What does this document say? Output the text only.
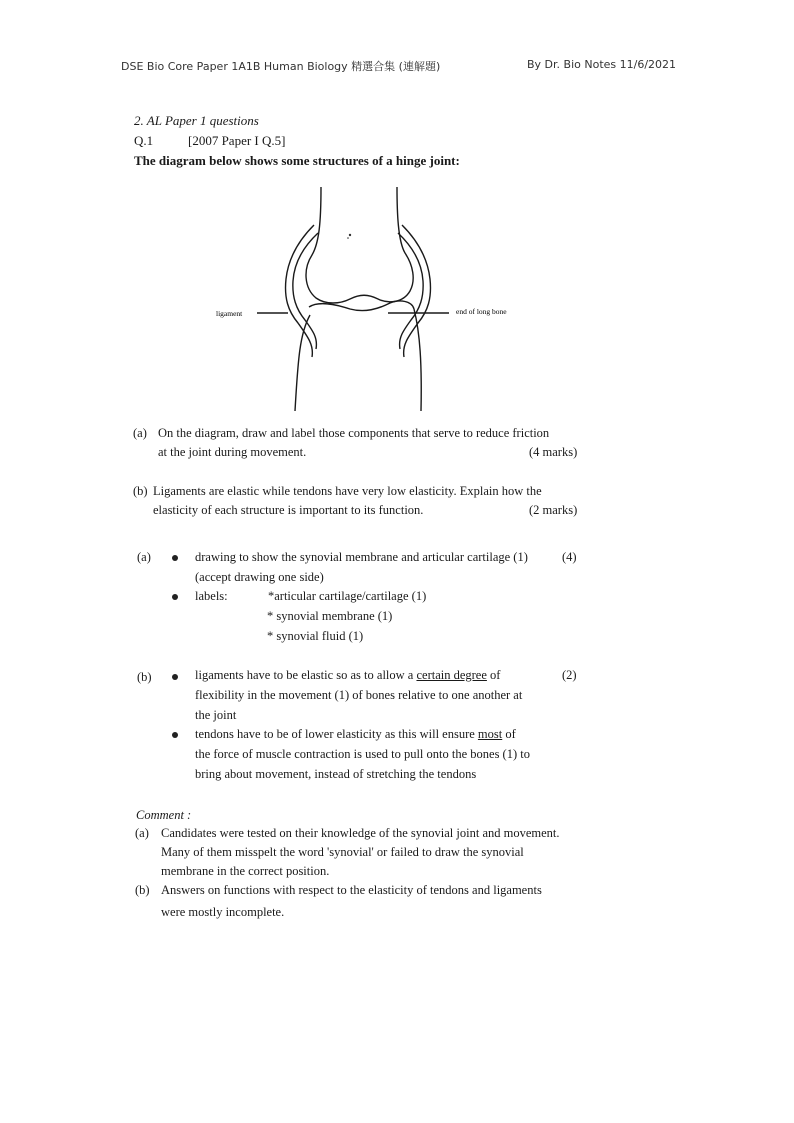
DSE Bio Core Paper 1A1B Human Biology 精選合集 (連解題)	By Dr. Bio Notes 11/6/2021
2. AL Paper 1 questions
Q.1	[2007 Paper I Q.5]
The diagram below shows some structures of a hinge joint:
ligament	end of long bone
(a) On the diagram, draw and label those components that serve to reduce friction
at the joint during movement.	(4 marks)
(b) Ligaments are elastic while tendons have very low elasticity. Explain how the
elasticity of each structure is important to its function.	(2 marks)
(a)	drawing to show the synovial membrane and articular cartilage (1)	(4)
(accept drawing one side)
labels:	*articular cartilage/cartilage (1)
* synovial membrane (1)
* synovial fluid (1)
(b)	ligaments have to be elastic so as to allow a certain degree of	(2)
flexibility in the movement (1) of bones relative to one another at
the joint
tendons have to be of lower elasticity as this will ensure most of
the force of muscle contraction is used to pull onto the bones (1) to
bring about movement, instead of stretching the tendons
Comment :
(a) Candidates were tested on their knowledge of the synovial joint and movement.
Many of them misspelt the word 'synovial' or failed to draw the synovial
membrane in the correct position.
(b) Answers on functions with respect to the elasticity of tendons and ligaments
were mostly incomplete.
